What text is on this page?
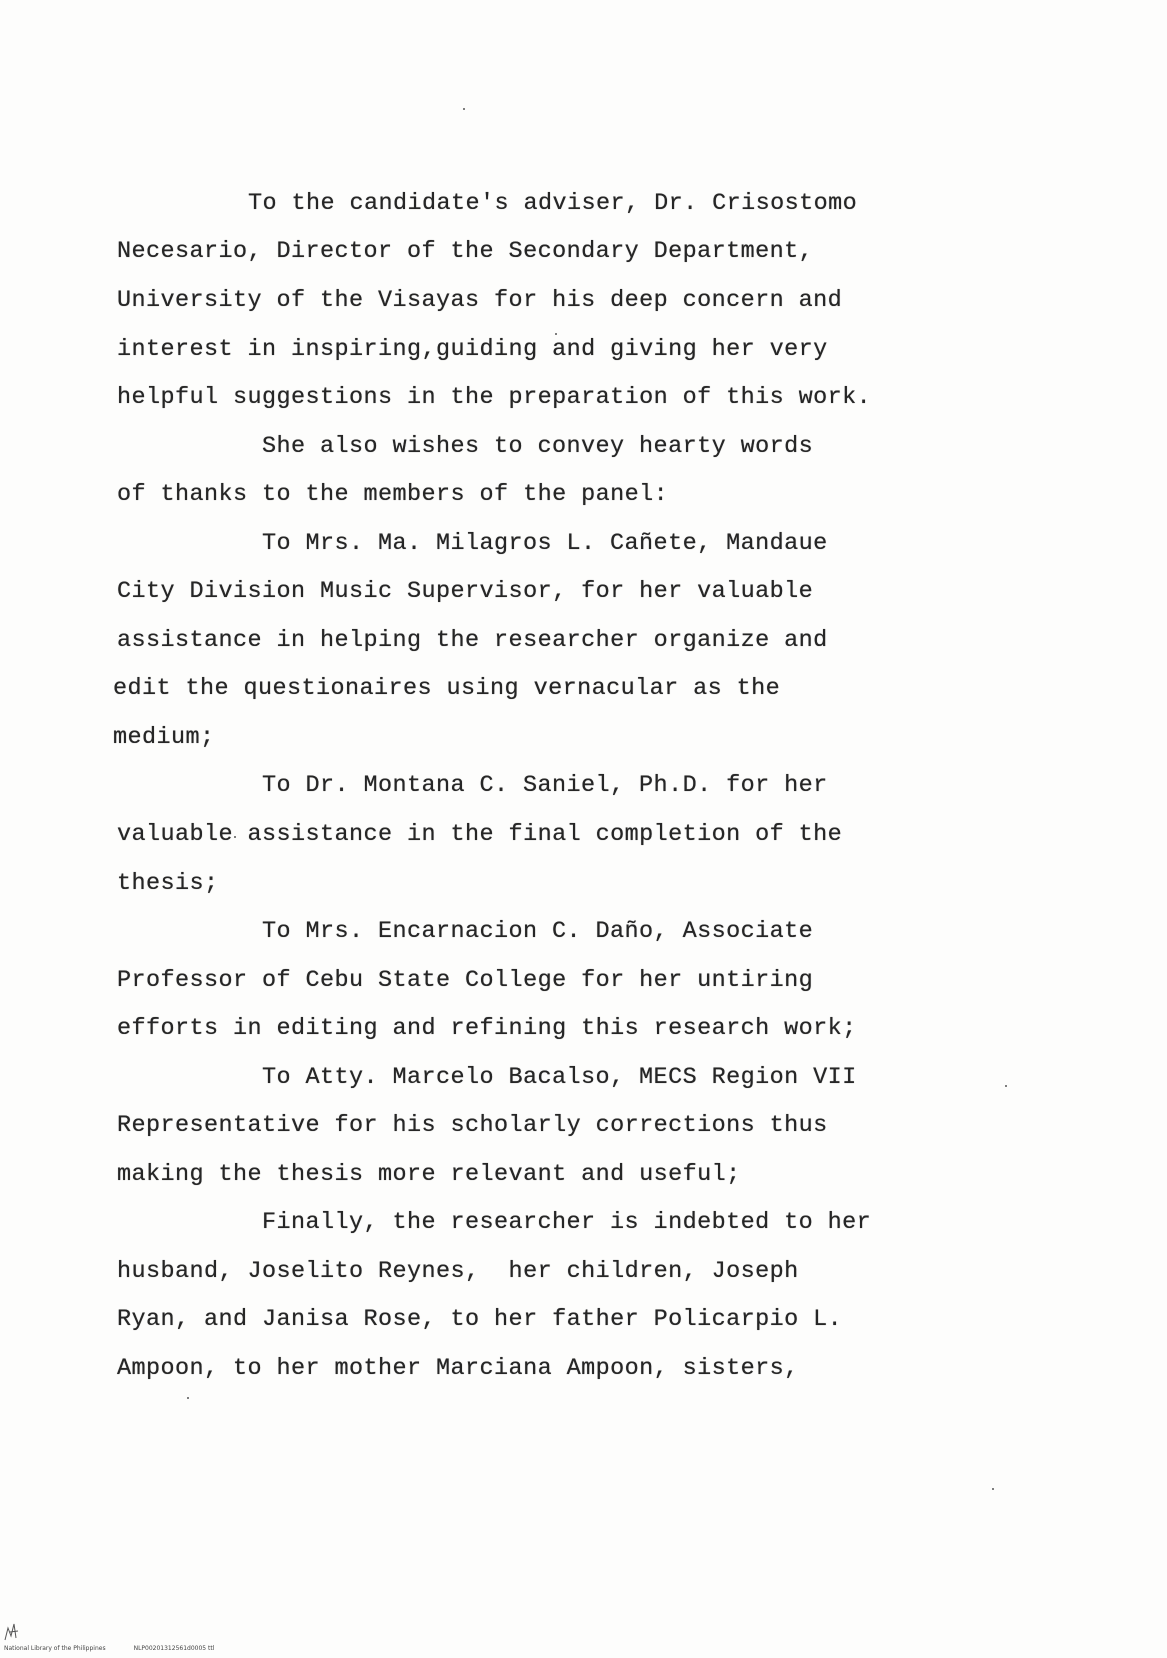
To the candidate's adviser, Dr. Crisostomo
Necesario, Director of the Secondary Department,
University of the Visayas for his deep concern and
interest in inspiring,guiding and giving her very
helpful suggestions in the preparation of this work.
She also wishes to convey hearty words
of thanks to the members of the panel:
To Mrs. Ma. Milagros L. Cañete, Mandaue
City Division Music Supervisor, for her valuable
assistance in helping the researcher organize and
edit the questionaires using vernacular as the
medium;
To Dr. Montana C. Saniel, Ph.D. for her
valuable assistance in the final completion of the
thesis;
To Mrs. Encarnacion C. Daño, Associate
Professor of Cebu State College for her untiring
efforts in editing and refining this research work;
To Atty. Marcelo Bacalso, MECS Region VII
Representative for his scholarly corrections thus
making the thesis more relevant and useful;
Finally, the researcher is indebted to her
husband, Joselito Reynes,  her children, Joseph
Ryan, and Janisa Rose, to her father Policarpio L.
Ampoon, to her mother Marciana Ampoon, sisters,
National Library of the Philippines	NLP00201312561d0005 ttl
